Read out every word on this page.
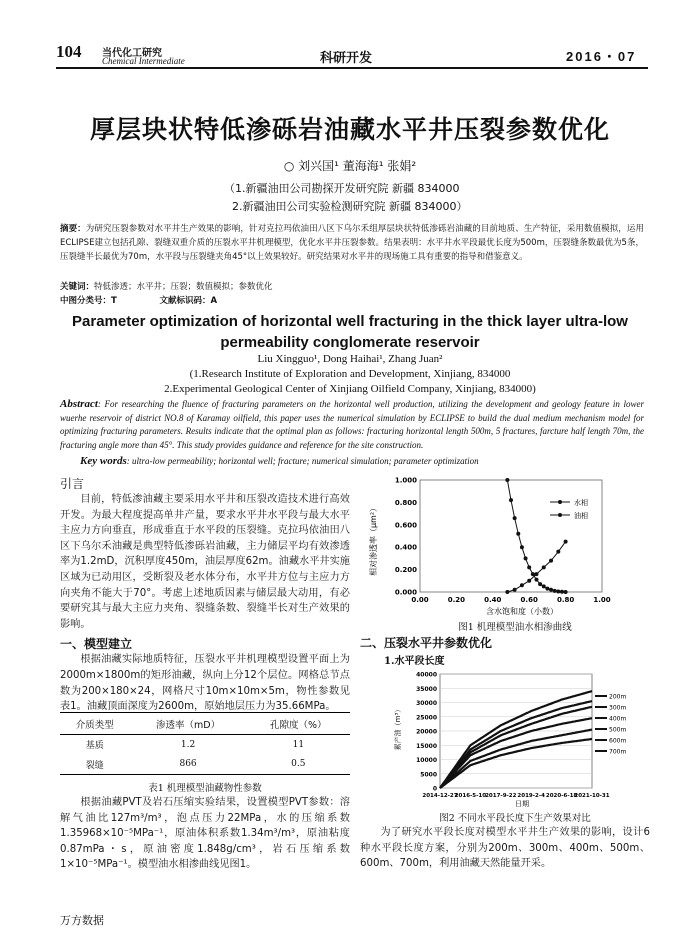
104 当代化工研究
Chemical Intermediate	科研开发	2016・07
厚层块状特低渗砾岩油藏水平井压裂参数优化
○ 刘兴国¹ 董海海¹ 张娟²
（1.新疆油田公司勘探开发研究院 新疆 834000
2.新疆油田公司实验检测研究院 新疆 834000）
摘要：为研究压裂参数对水平井生产效果的影响，针对克拉玛依油田八区下乌尔禾组厚层块状特低渗砾岩油藏的目前地质、生产特征，采用数值模拟，运用ECLIPSE建立包括孔隙、裂缝双重介质的压裂水平井机理模型，优化水平井压裂参数。结果表明：水平井水平段最优长度为500m，压裂缝条数最优为5条，压裂缝半长最优为70m，水平段与压裂缝夹角45°以上效果较好。研究结果对水平井的现场施工具有重要的指导和借鉴意义。
关键词：特低渗透；水平井；压裂；数值模拟；参数优化
中图分类号：T	文献标识码：A
Parameter optimization of horizontal well fracturing in the thick layer ultra-low permeability conglomerate reservoir
Liu Xingguo¹, Dong Haihai¹, Zhang Juan²
(1.Research Institute of Exploration and Development, Xinjiang, 834000
2.Experimental Geological Center of Xinjiang Oilfield Company, Xinjiang, 834000)
Abstract: For researching the fluence of fracturing parameters on the horizontal well production, utilizing the development and geology feature in lower wuerhe reservoir of district NO.8 of Karamay oilfield, this paper uses the numerical simulation by ECLIPSE to build the dual medium mechanism model for optimizing fracturing parameters. Results indicate that the optimal plan as follows: fracturing horizontal length 500m, 5 fractures, farcture half length 70m, the fracturing angle more than 45°. This study provides guidance and reference for the site construction.
Key words: ultra-low permeability; horizontal well; fracture; numerical simulation; parameter optimization
引言

目前，特低渗油藏主要采用水平井和压裂改造技术进行高效开发。为最大程度提高单井产量，要求水平井水平段与最大水平主应力方向垂直，形成垂直于水平段的压裂缝。克拉玛依油田八区下乌尔禾油藏是典型特低渗砾岩油藏，主力储层平均有效渗透率为1.2mD，沉积厚度450m，油层厚度62m。油藏水平井实施区域为已动用区，受断裂及老水体分布，水平井方位与主应力方向夹角不能大于70°。考虑上述地质因素与储层最大动用，有必要研究其与最大主应力夹角、裂缝条数、裂缝半长对生产效果的影响。

一、模型建立

根据油藏实际地质特征，压裂水平井机理模型设置平面上为2000m×1800m的矩形油藏，纵向上分12个层位。网格总节点数为200×180×24，网格尺寸10m×10m×5m，物性参数见表1。油藏顶面深度为2600m，原始地层压力为35.66MPa。

介质类型	渗透率（mD）	孔隙度（%）
基质	1.2	11
裂缝	866	0.5
表1 机理模型油藏物性参数

根据油藏PVT及岩石压缩实验结果，设置模型PVT参数：溶解气油比127m³/m³，泡点压力22MPa，水的压缩系数1.35968×10⁻⁵MPa⁻¹，原油体积系数1.34m³/m³，原油粘度0.87mPa・s，原油密度1.848g/cm³，岩石压缩系数1×10⁻⁵MPa⁻¹。模型油水相渗曲线见图1。

0.000
0.200
0.400
0.600
0.800
1.000
0.00	0.20	0.40	0.60	0.80	1.00
含水饱和度（小数）
相对渗透率（μm²）
水相
油相
图1 机理模型油水相渗曲线
二、压裂水平井参数优化
1.水平段长度
0
5000
10000
15000
20000
25000
30000
35000
40000
2014-12-27
2016-5-10 2017-9-22 2019-2-4 2020-6-18
2021-10-31
日期
累产油（m³）
200m
300m
400m
500m
600m
700m
图2 不同水平段长度下生产效果对比

为了研究水平段长度对模型水平井生产效果的影响，设计6种水平段长度方案，分别为200m、300m、400m、500m、600m、700m，利用油藏天然能量开采。

万方数据
